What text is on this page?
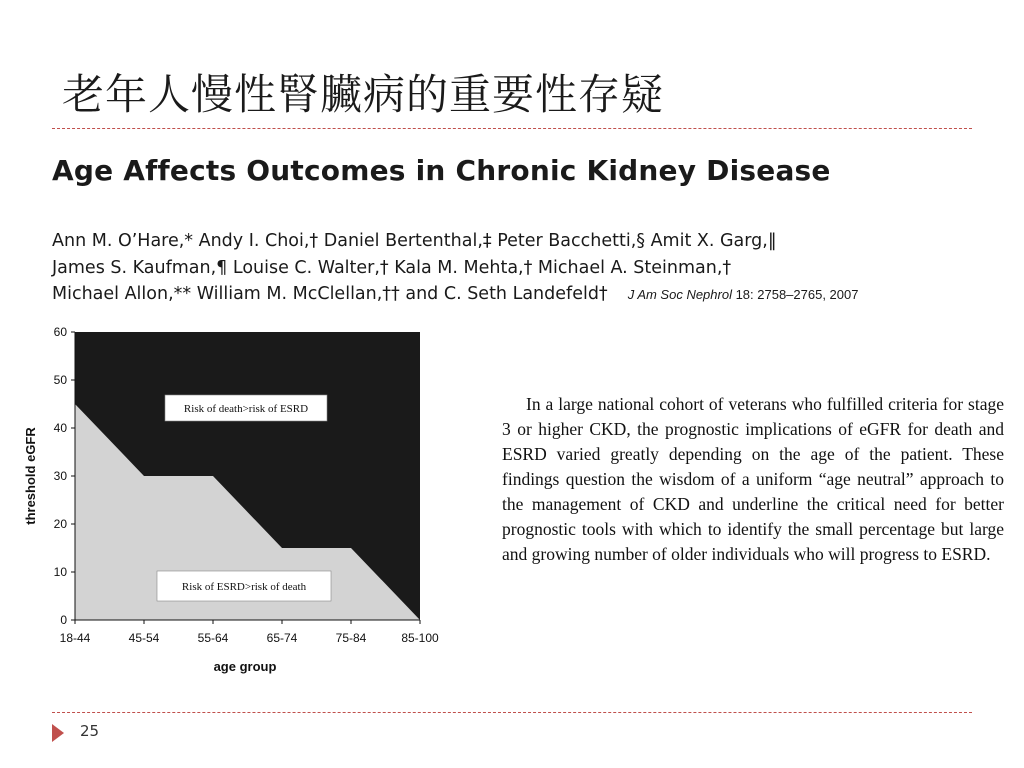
老年人慢性腎臟病的重要性存疑
Age Affects Outcomes in Chronic Kidney Disease
Ann M. O’Hare,* Andy I. Choi,† Daniel Bertenthal,‡ Peter Bacchetti,§ Amit X. Garg,‖
James S. Kaufman,¶ Louise C. Walter,† Kala M. Mehta,† Michael A. Steinman,†
Michael Allon,** William M. McClellan,†† and C. Seth Landefeld† J Am Soc Nephrol 18: 2758–2765, 2007
0
10
20
30
40
50
60
18-44	45-54	55-64	65-74	75-84	85-100
threshold eGFR
age group
Risk of death>risk of ESRD
Risk of ESRD>risk of death

In a large national cohort of veterans who fulfilled criteria for stage 3 or higher CKD, the prognostic implications of eGFR for death and ESRD varied greatly depending on the age of the patient. These findings question the wisdom of a uniform “age neutral” approach to the management of CKD and underline the critical need for better prognostic tools with which to identify the small percentage but large and growing number of older individuals who will progress to ESRD.

25
